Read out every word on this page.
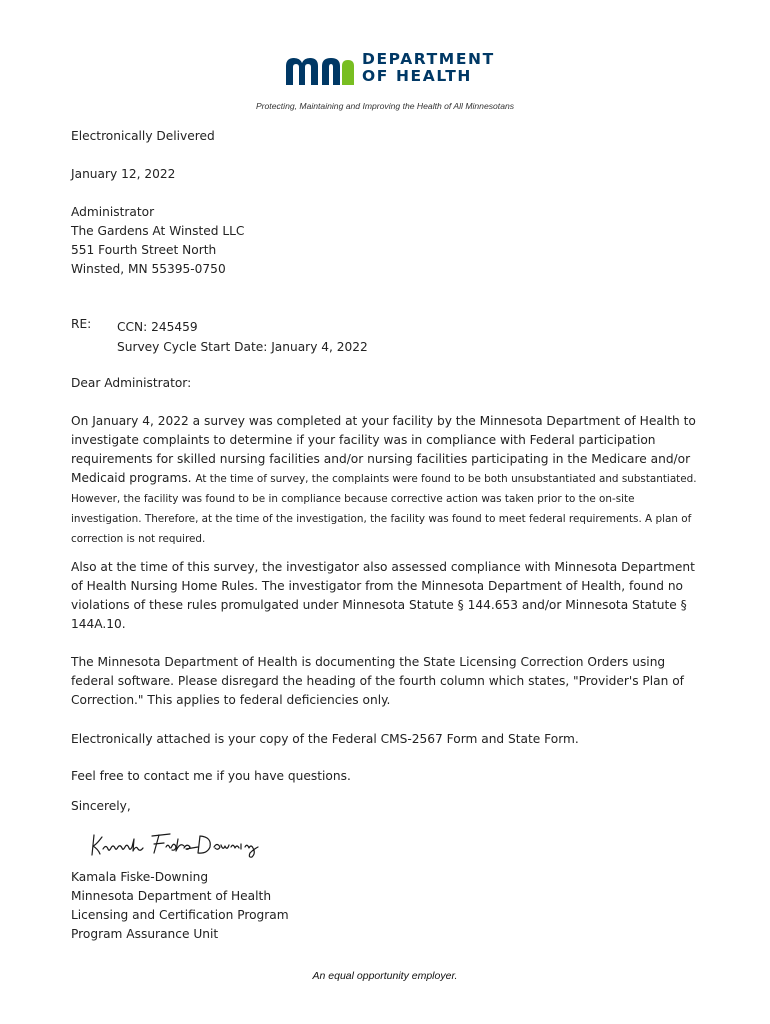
DEPARTMENT
OF HEALTH
Protecting, Maintaining and Improving the Health of All Minnesotans
Electronically Delivered
January 12, 2022
Administrator
The Gardens At Winsted LLC
551 Fourth Street North
Winsted, MN 55395-0750
RE: CCN: 245459
Survey Cycle Start Date: January 4, 2022
Dear Administrator:
On January 4, 2022 a survey was completed at your facility by the Minnesota Department of Health to investigate complaints to determine if your facility was in compliance with Federal participation requirements for skilled nursing facilities and/or nursing facilities participating in the Medicare and/or Medicaid programs. At the time of survey, the complaints were found to be both unsubstantiated and substantiated. However, the facility was found to be in compliance because corrective action was taken prior to the on-site investigation. Therefore, at the time of the investigation, the facility was found to meet federal requirements. A plan of correction is not required.
Also at the time of this survey, the investigator also assessed compliance with Minnesota Department of Health Nursing Home Rules. The investigator from the Minnesota Department of Health, found no violations of these rules promulgated under Minnesota Statute § 144.653 and/or Minnesota Statute § 144A.10.
The Minnesota Department of Health is documenting the State Licensing Correction Orders using federal software. Please disregard the heading of the fourth column which states, "Provider's Plan of Correction." This applies to federal deficiencies only.
Electronically attached is your copy of the Federal CMS-2567 Form and State Form.
Feel free to contact me if you have questions.
Sincerely,
Kamala Fiske-Downing
Minnesota Department of Health
Licensing and Certification Program
Program Assurance Unit
An equal opportunity employer.
